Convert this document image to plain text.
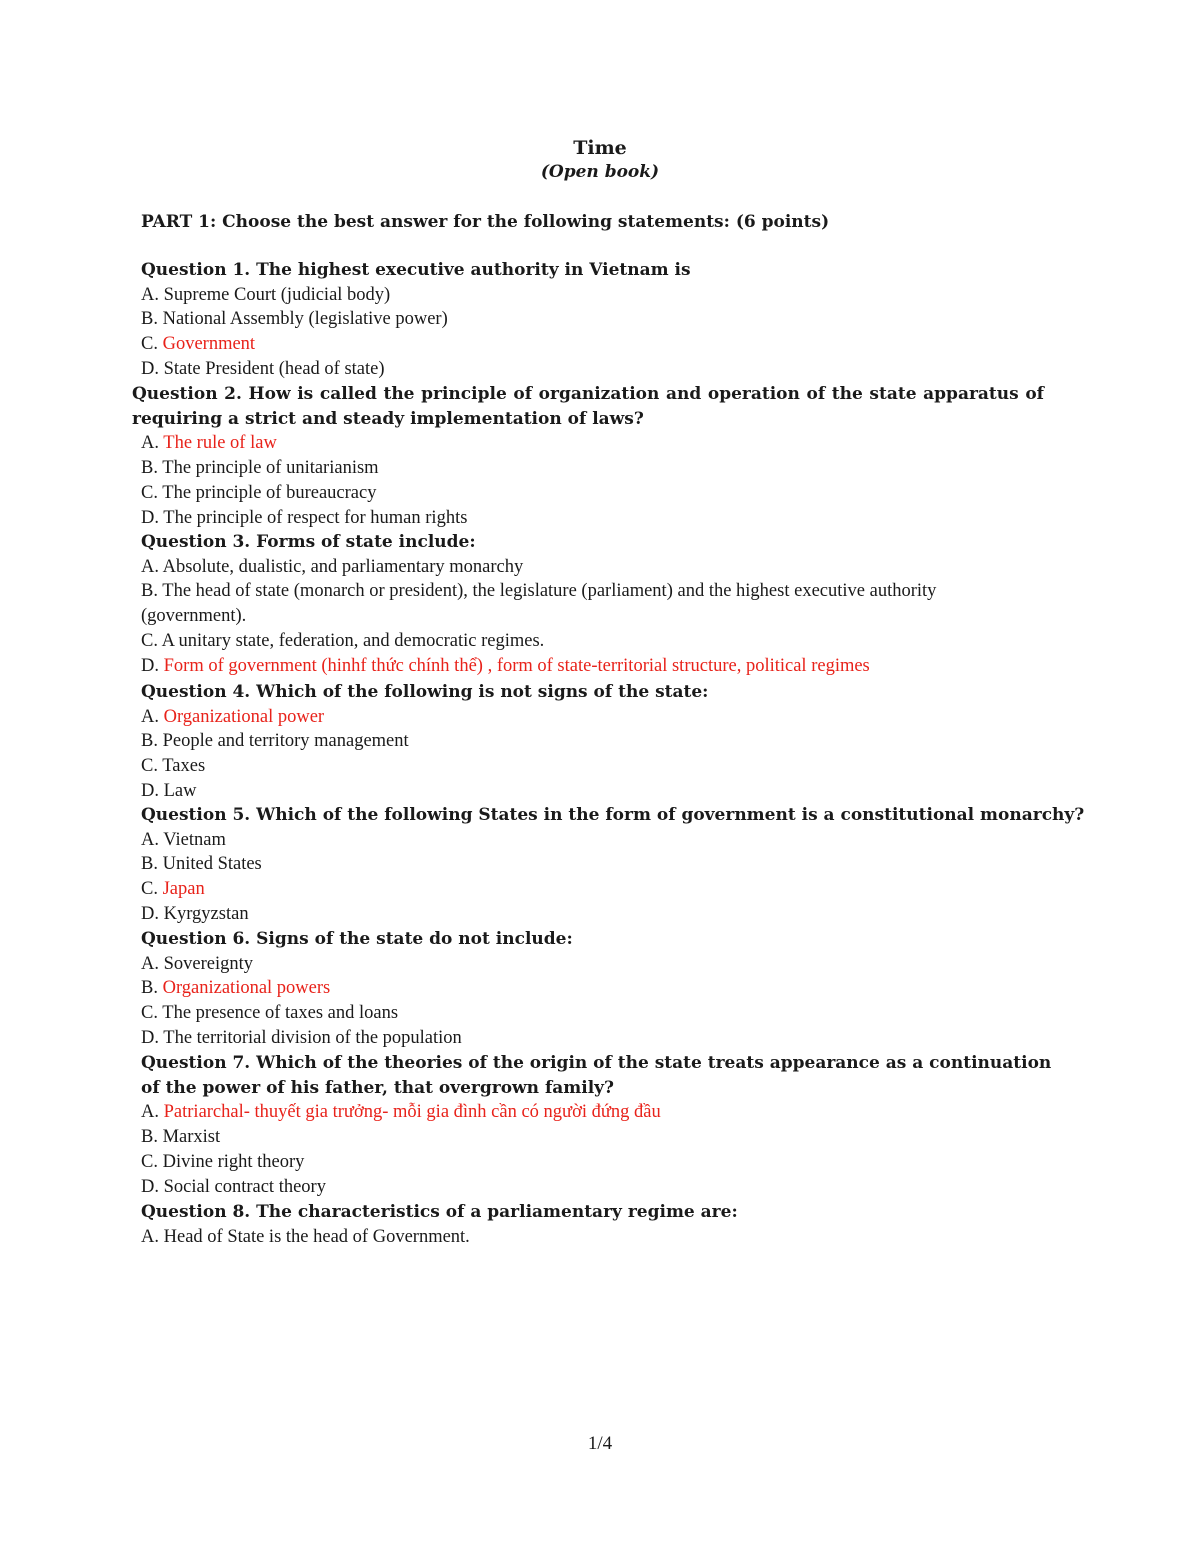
Time
(Open book)
PART 1: Choose the best answer for the following statements: (6 points)

Question 1. The highest executive authority in Vietnam is

A. Supreme Court (judicial body)

B. National Assembly (legislative power)

C. Government

D. State President (head of state)

Question 2. How is called the principle of organization and operation of the state apparatus of requiring a strict and steady implementation of laws?

A. The rule of law

B. The principle of unitarianism

C. The principle of bureaucracy

D. The principle of respect for human rights

Question 3. Forms of state include:

A. Absolute, dualistic, and parliamentary monarchy

B. The head of state (monarch or president), the legislature (parliament) and the highest executive authority (government).

C. A unitary state, federation, and democratic regimes.

D. Form of government (hinhf thức chính thể) , form of state-territorial structure, political regimes

Question 4. Which of the following is not signs of the state:

A. Organizational power

B. People and territory management

C. Taxes

D. Law

Question 5. Which of the following States in the form of government is a constitutional monarchy?

A. Vietnam

B. United States

C. Japan

D. Kyrgyzstan

Question 6. Signs of the state do not include:

A. Sovereignty

B. Organizational powers

C. The presence of taxes and loans

D. The territorial division of the population

Question 7. Which of the theories of the origin of the state treats appearance as a continuation of the power of his father, that overgrown family?

A. Patriarchal- thuyết gia trưởng- mỗi gia đình cần có người đứng đầu

B. Marxist

C. Divine right theory

D. Social contract theory

Question 8. The characteristics of a parliamentary regime are:

A. Head of State is the head of Government.

1/4
